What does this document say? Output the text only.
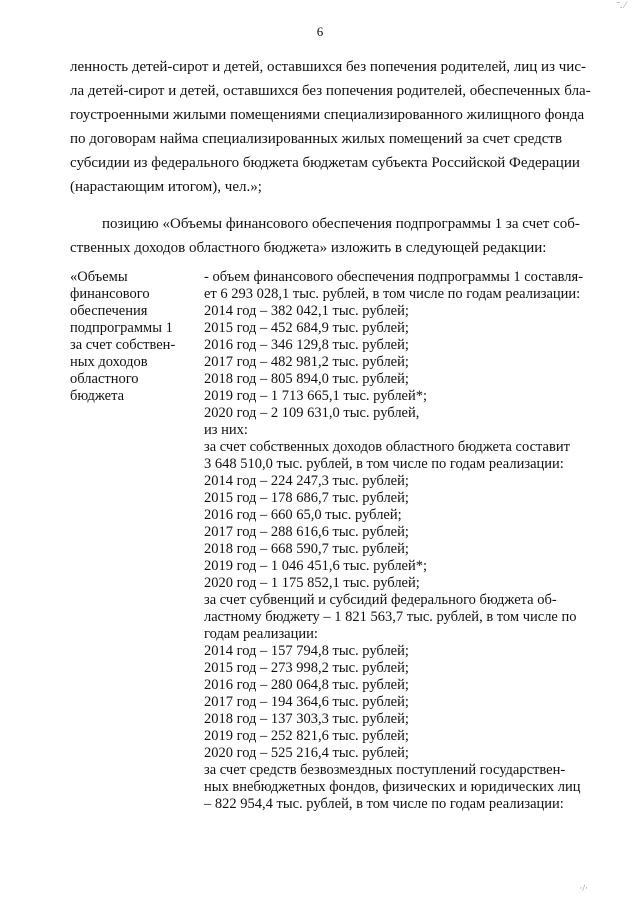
ˉ. ⁄
6
ленность детей-сирот и детей, оставшихся без попечения родителей, лиц из чис-
ла детей-сирот и детей, оставшихся без попечения родителей, обеспеченных бла-
гоустроенными жилыми помещениями специализированного жилищного фонда
по договорам найма специализированных жилых помещений за счет средств
субсидии из федерального бюджета бюджетам субъекта Российской Федерации
(нарастающим итогом), чел.»;
позицию «Объемы финансового обеспечения подпрограммы 1 за счет соб-
ственных доходов областного бюджета» изложить в следующей редакции:
«Объемы
финансового
обеспечения
подпрограммы 1
за счет собствен-
ных доходов
областного
бюджета
- объем финансового обеспечения подпрограммы 1 составля-
ет 6 293 028,1 тыс. рублей, в том числе по годам реализации:
2014 год – 382 042,1 тыс. рублей;
2015 год – 452 684,9 тыс. рублей;
2016 год – 346 129,8 тыс. рублей;
2017 год – 482 981,2 тыс. рублей;
2018 год – 805 894,0 тыс. рублей;
2019 год – 1 713 665,1 тыс. рублей*;
2020 год – 2 109 631,0 тыс. рублей,
из них:
за счет собственных доходов областного бюджета составит
3 648 510,0 тыс. рублей, в том числе по годам реализации:
2014 год – 224 247,3 тыс. рублей;
2015 год – 178 686,7 тыс. рублей;
2016 год – 660 65,0 тыс. рублей;
2017 год – 288 616,6 тыс. рублей;
2018 год – 668 590,7 тыс. рублей;
2019 год – 1 046 451,6 тыс. рублей*;
2020 год – 1 175 852,1 тыс. рублей;
за счет субвенций и субсидий федерального бюджета об-
ластному бюджету – 1 821 563,7 тыс. рублей, в том числе по
годам реализации:
2014 год – 157 794,8 тыс. рублей;
2015 год – 273 998,2 тыс. рублей;
2016 год – 280 064,8 тыс. рублей;
2017 год – 194 364,6 тыс. рублей;
2018 год – 137 303,3 тыс. рублей;
2019 год – 252 821,6 тыс. рублей;
2020 год – 525 216,4 тыс. рублей;
за счет средств безвозмездных поступлений государствен-
ных внебюджетных фондов, физических и юридических лиц
– 822 954,4 тыс. рублей, в том числе по годам реализации:
·/·
